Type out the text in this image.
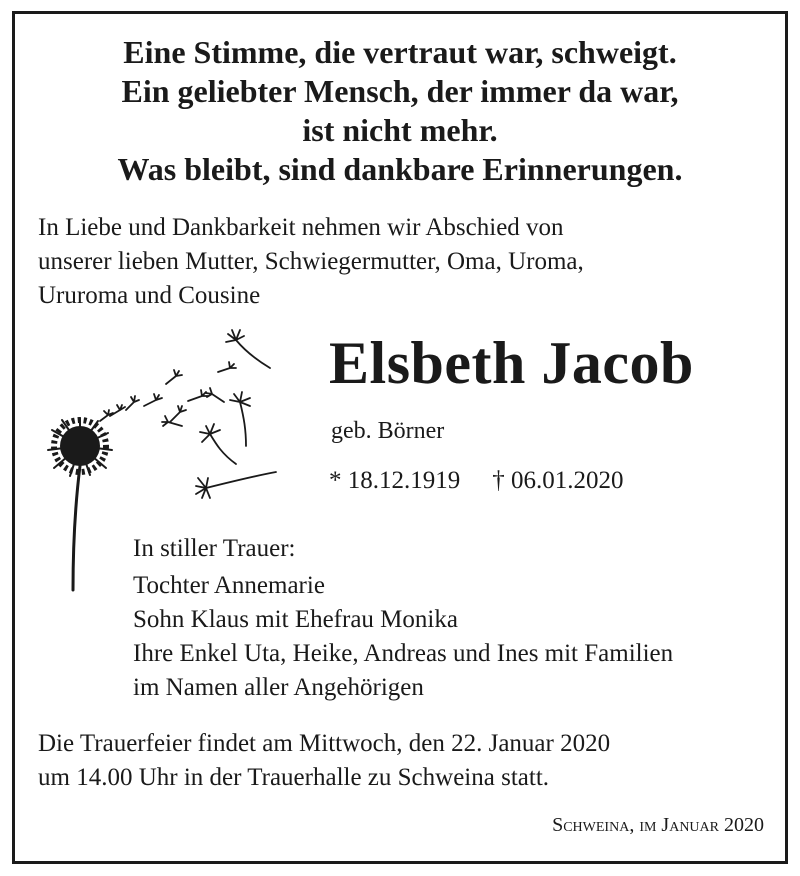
Eine Stimme, die vertraut war, schweigt.
Ein geliebter Mensch, der immer da war,
ist nicht mehr.
Was bleibt, sind dankbare Erinnerungen.
In Liebe und Dankbarkeit nehmen wir Abschied von
unserer lieben Mutter, Schwiegermutter, Oma, Uroma,
Ururoma und Cousine
Elsbeth Jacob
geb. Börner
* 18.12.1919 † 06.01.2020
In stiller Trauer:
Tochter Annemarie
Sohn Klaus mit Ehefrau Monika
Ihre Enkel Uta, Heike, Andreas und Ines mit Familien
im Namen aller Angehörigen
Die Trauerfeier findet am Mittwoch, den 22. Januar 2020
um 14.00 Uhr in der Trauerhalle zu Schweina statt.
Schweina, im Januar 2020
